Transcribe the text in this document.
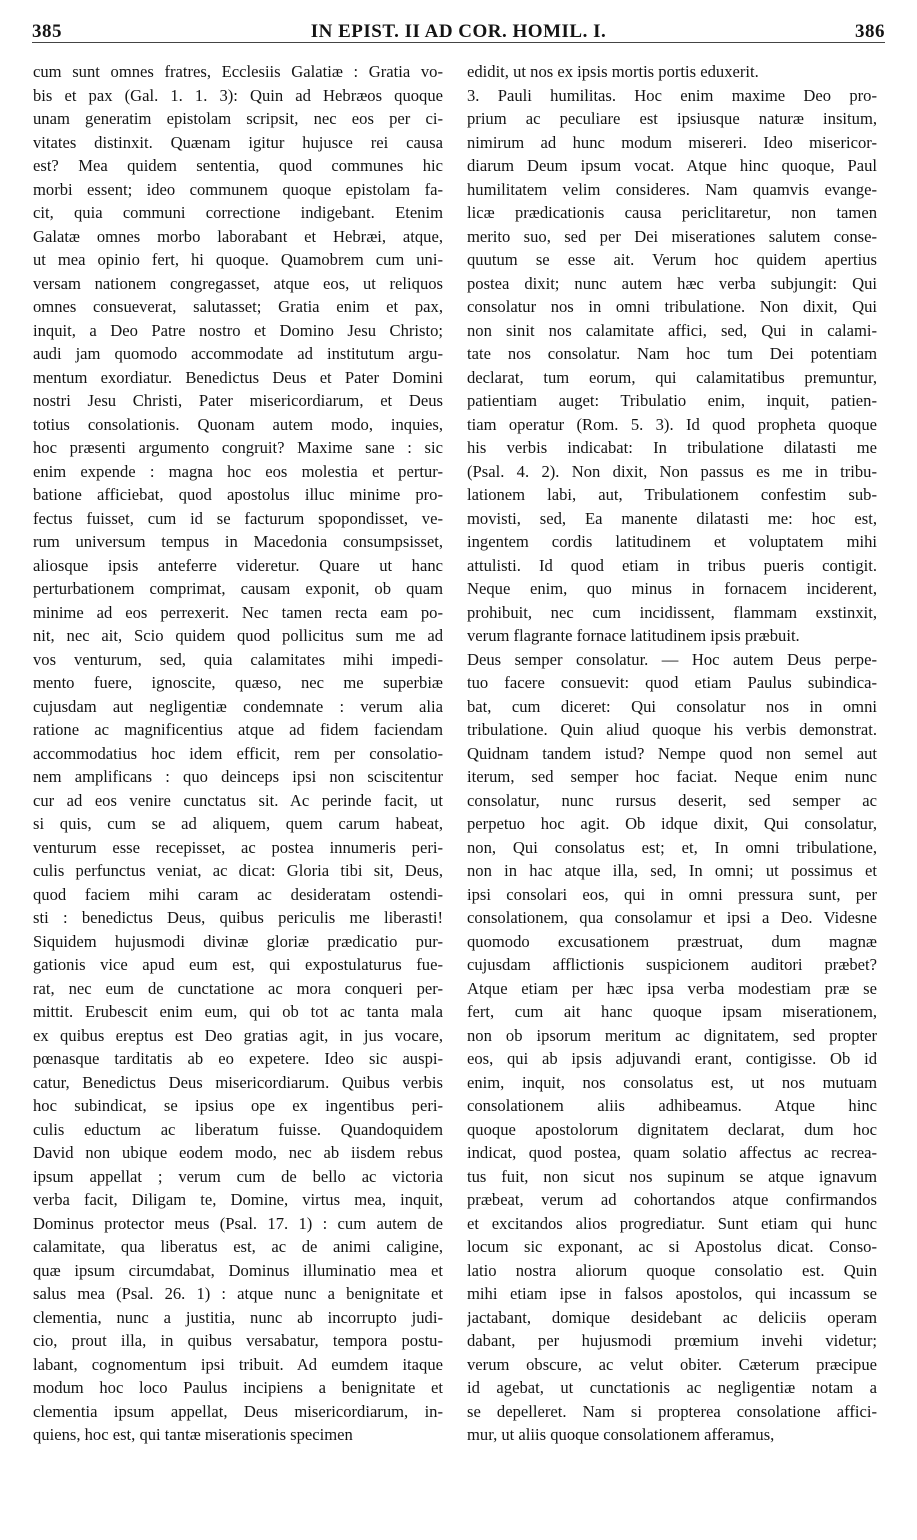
385	IN EPIST. II AD COR. HOMIL. I.	386
cum sunt omnes fratres, Ecclesiis Galatiæ : Gratia vo-
bis et pax (Gal. 1. 1. 3): Quin ad Hebræos quoque
unam generatim epistolam scripsit, nec eos per ci-
vitates distinxit. Quænam igitur hujusce rei causa
est? Mea quidem sententia, quod communes hic
morbi essent; ideo communem quoque epistolam fa-
cit, quia communi correctione indigebant. Etenim
Galatæ omnes morbo laborabant et Hebræi, atque,
ut mea opinio fert, hi quoque. Quamobrem cum uni-
versam nationem congregasset, atque eos, ut reliquos
omnes consueverat, salutasset; Gratia enim et pax,
inquit, a Deo Patre nostro et Domino Jesu Christo;
audi jam quomodo accommodate ad institutum argu-
mentum exordiatur. Benedictus Deus et Pater Domini
nostri Jesu Christi, Pater misericordiarum, et Deus
totius consolationis. Quonam autem modo, inquies,
hoc præsenti argumento congruit? Maxime sane : sic
enim expende : magna hoc eos molestia et pertur-
batione afficiebat, quod apostolus illuc minime pro-
fectus fuisset, cum id se facturum spopondisset, ve-
rum universum tempus in Macedonia consumpsisset,
aliosque ipsis anteferre videretur. Quare ut hanc
perturbationem comprimat, causam exponit, ob quam
minime ad eos perrexerit. Nec tamen recta eam po-
nit, nec ait, Scio quidem quod pollicitus sum me ad
vos venturum, sed, quia calamitates mihi impedi-
mento fuere, ignoscite, quæso, nec me superbiæ
cujusdam aut negligentiæ condemnate : verum alia
ratione ac magnificentius atque ad fidem faciendam
accommodatius hoc idem efficit, rem per consolatio-
nem amplificans : quo deinceps ipsi non sciscitentur
cur ad eos venire cunctatus sit. Ac perinde facit, ut
si quis, cum se ad aliquem, quem carum habeat,
venturum esse recepisset, ac postea innumeris peri-
culis perfunctus veniat, ac dicat: Gloria tibi sit, Deus,
quod faciem mihi caram ac desideratam ostendi-
sti : benedictus Deus, quibus periculis me liberasti!
Siquidem hujusmodi divinæ gloriæ prædicatio pur-
gationis vice apud eum est, qui expostulaturus fue-
rat, nec eum de cunctatione ac mora conqueri per-
mittit. Erubescit enim eum, qui ob tot ac tanta mala
ex quibus ereptus est Deo gratias agit, in jus vocare,
pœnasque tarditatis ab eo expetere. Ideo sic auspi-
catur, Benedictus Deus misericordiarum. Quibus verbis
hoc subindicat, se ipsius ope ex ingentibus peri-
culis eductum ac liberatum fuisse. Quandoquidem
David non ubique eodem modo, nec ab iisdem rebus
ipsum appellat ; verum cum de bello ac victoria
verba facit, Diligam te, Domine, virtus mea, inquit,
Dominus protector meus (Psal. 17. 1) : cum autem de
calamitate, qua liberatus est, ac de animi caligine,
quæ ipsum circumdabat, Dominus illuminatio mea et
salus mea (Psal. 26. 1) : atque nunc a benignitate et
clementia, nunc a justitia, nunc ab incorrupto judi-
cio, prout illa, in quibus versabatur, tempora postu-
labant, cognomentum ipsi tribuit. Ad eumdem itaque
modum hoc loco Paulus incipiens a benignitate et
clementia ipsum appellat, Deus misericordiarum, in-
quiens, hoc est, qui tantæ miserationis specimen
edidit, ut nos ex ipsis mortis portis eduxerit.
3. Pauli humilitas. Hoc enim maxime Deo pro-
prium ac peculiare est ipsiusque naturæ insitum,
nimirum ad hunc modum misereri. Ideo misericor-
diarum Deum ipsum vocat. Atque hinc quoque, Paul
humilitatem velim consideres. Nam quamvis evange-
licæ prædicationis causa periclitaretur, non tamen
merito suo, sed per Dei miserationes salutem conse-
quutum se esse ait. Verum hoc quidem apertius
postea dixit; nunc autem hæc verba subjungit: Qui
consolatur nos in omni tribulatione. Non dixit, Qui
non sinit nos calamitate affici, sed, Qui in calami-
tate nos consolatur. Nam hoc tum Dei potentiam
declarat, tum eorum, qui calamitatibus premuntur,
patientiam auget: Tribulatio enim, inquit, patien-
tiam operatur (Rom. 5. 3). Id quod propheta quoque
his verbis indicabat: In tribulatione dilatasti me
(Psal. 4. 2). Non dixit, Non passus es me in tribu-
lationem labi, aut, Tribulationem confestim sub-
movisti, sed, Ea manente dilatasti me: hoc est,
ingentem cordis latitudinem et voluptatem mihi
attulisti. Id quod etiam in tribus pueris contigit.
Neque enim, quo minus in fornacem inciderent,
prohibuit, nec cum incidissent, flammam exstinxit,
verum flagrante fornace latitudinem ipsis præbuit.
Deus semper consolatur. — Hoc autem Deus perpe-
tuo facere consuevit: quod etiam Paulus subindica-
bat, cum diceret: Qui consolatur nos in omni
tribulatione. Quin aliud quoque his verbis demonstrat.
Quidnam tandem istud? Nempe quod non semel aut
iterum, sed semper hoc faciat. Neque enim nunc
consolatur, nunc rursus deserit, sed semper ac
perpetuo hoc agit. Ob idque dixit, Qui consolatur,
non, Qui consolatus est; et, In omni tribulatione,
non in hac atque illa, sed, In omni; ut possimus et
ipsi consolari eos, qui in omni pressura sunt, per
consolationem, qua consolamur et ipsi a Deo. Videsne
quomodo excusationem præstruat, dum magnæ
cujusdam afflictionis suspicionem auditori præbet?
Atque etiam per hæc ipsa verba modestiam præ se
fert, cum ait hanc quoque ipsam miserationem,
non ob ipsorum meritum ac dignitatem, sed propter
eos, qui ab ipsis adjuvandi erant, contigisse. Ob id
enim, inquit, nos consolatus est, ut nos mutuam
consolationem aliis adhibeamus. Atque hinc
quoque apostolorum dignitatem declarat, dum hoc
indicat, quod postea, quam solatio affectus ac recrea-
tus fuit, non sicut nos supinum se atque ignavum
præbeat, verum ad cohortandos atque confirmandos
et excitandos alios progrediatur. Sunt etiam qui hunc
locum sic exponant, ac si Apostolus dicat. Conso-
latio nostra aliorum quoque consolatio est. Quin
mihi etiam ipse in falsos apostolos, qui incassum se
jactabant, domique desidebant ac deliciis operam
dabant, per hujusmodi prœmium invehi videtur;
verum obscure, ac velut obiter. Cæterum præcipue
id agebat, ut cunctationis ac negligentiæ notam a
se depelleret. Nam si propterea consolatione affici-
mur, ut aliis quoque consolationem afferamus,
